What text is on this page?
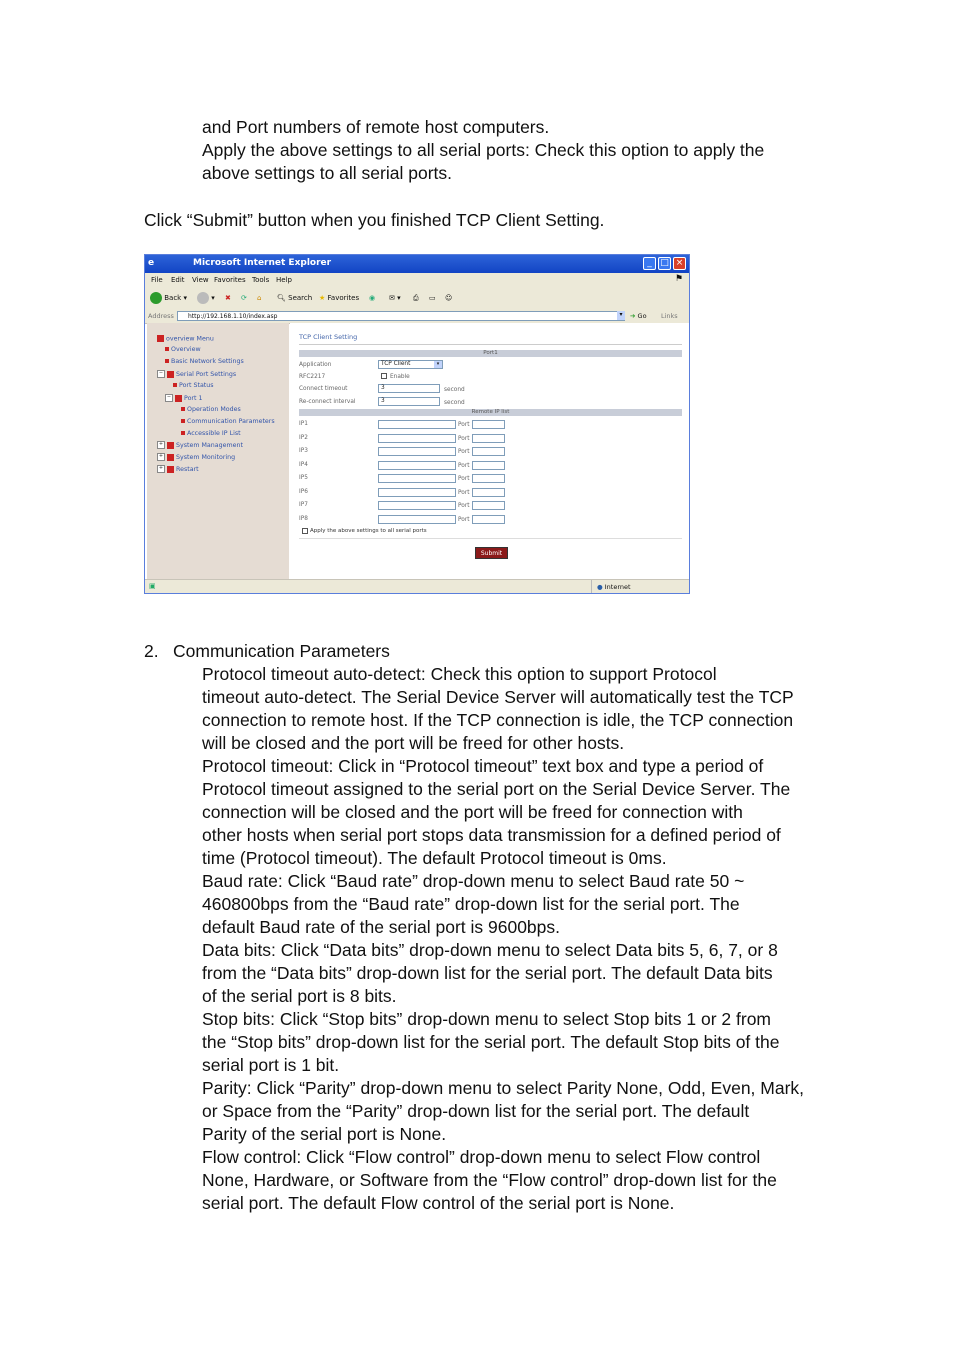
and Port numbers of remote host computers.
Apply the above settings to all serial ports: Check this option to apply the
above settings to all serial ports.
Click “Submit” button when you finished TCP Client Setting.
e	Microsoft Internet Explorer	_ □ ×
File Edit View Favorites Tools Help	⚑
Back ▾	▾ ✖ ⟳ ⌂ 🔍︎ Search ★ Favorites ◉ ✉ ▾ ⎙ ▭ ☺
Address	http://192.168.1.10/index.asp	▾	➔ Go Links
overview Menu
Overview
Basic Network Settings
− Serial Port Settings
Port Status
− Port 1
Operation Modes
Communication Parameters
Accessible IP List
+ System Management
+ System Monitoring
+ Restart
TCP Client Setting
Port1
Application	TCP Client	▾
RFC2217	Enable
Connect timeout	3	second
Re-connect interval	3	second
Remote IP list
IP1	Port
IP2	Port
IP3	Port
IP4	Port
IP5	Port
IP6	Port
IP7	Port
IP8	Port
Apply the above settings to all serial ports
Submit
▣	● Internet
2. Communication Parameters
Protocol timeout auto-detect: Check this option to support Protocol
timeout auto-detect. The Serial Device Server will automatically test the TCP
connection to remote host. If the TCP connection is idle, the TCP connection
will be closed and the port will be freed for other hosts.
Protocol timeout: Click in “Protocol timeout” text box and type a period of
Protocol timeout assigned to the serial port on the Serial Device Server. The
connection will be closed and the port will be freed for connection with
other hosts when serial port stops data transmission for a defined period of
time (Protocol timeout). The default Protocol timeout is 0ms.
Baud rate: Click “Baud rate” drop-down menu to select Baud rate 50 ~
460800bps from the “Baud rate” drop-down list for the serial port. The
default Baud rate of the serial port is 9600bps.
Data bits: Click “Data bits” drop-down menu to select Data bits 5, 6, 7, or 8
from the “Data bits” drop-down list for the serial port. The default Data bits
of the serial port is 8 bits.
Stop bits: Click “Stop bits” drop-down menu to select Stop bits 1 or 2 from
the “Stop bits” drop-down list for the serial port. The default Stop bits of the
serial port is 1 bit.
Parity: Click “Parity” drop-down menu to select Parity None, Odd, Even, Mark,
or Space from the “Parity” drop-down list for the serial port. The default
Parity of the serial port is None.
Flow control: Click “Flow control” drop-down menu to select Flow control
None, Hardware, or Software from the “Flow control” drop-down list for the
serial port. The default Flow control of the serial port is None.
